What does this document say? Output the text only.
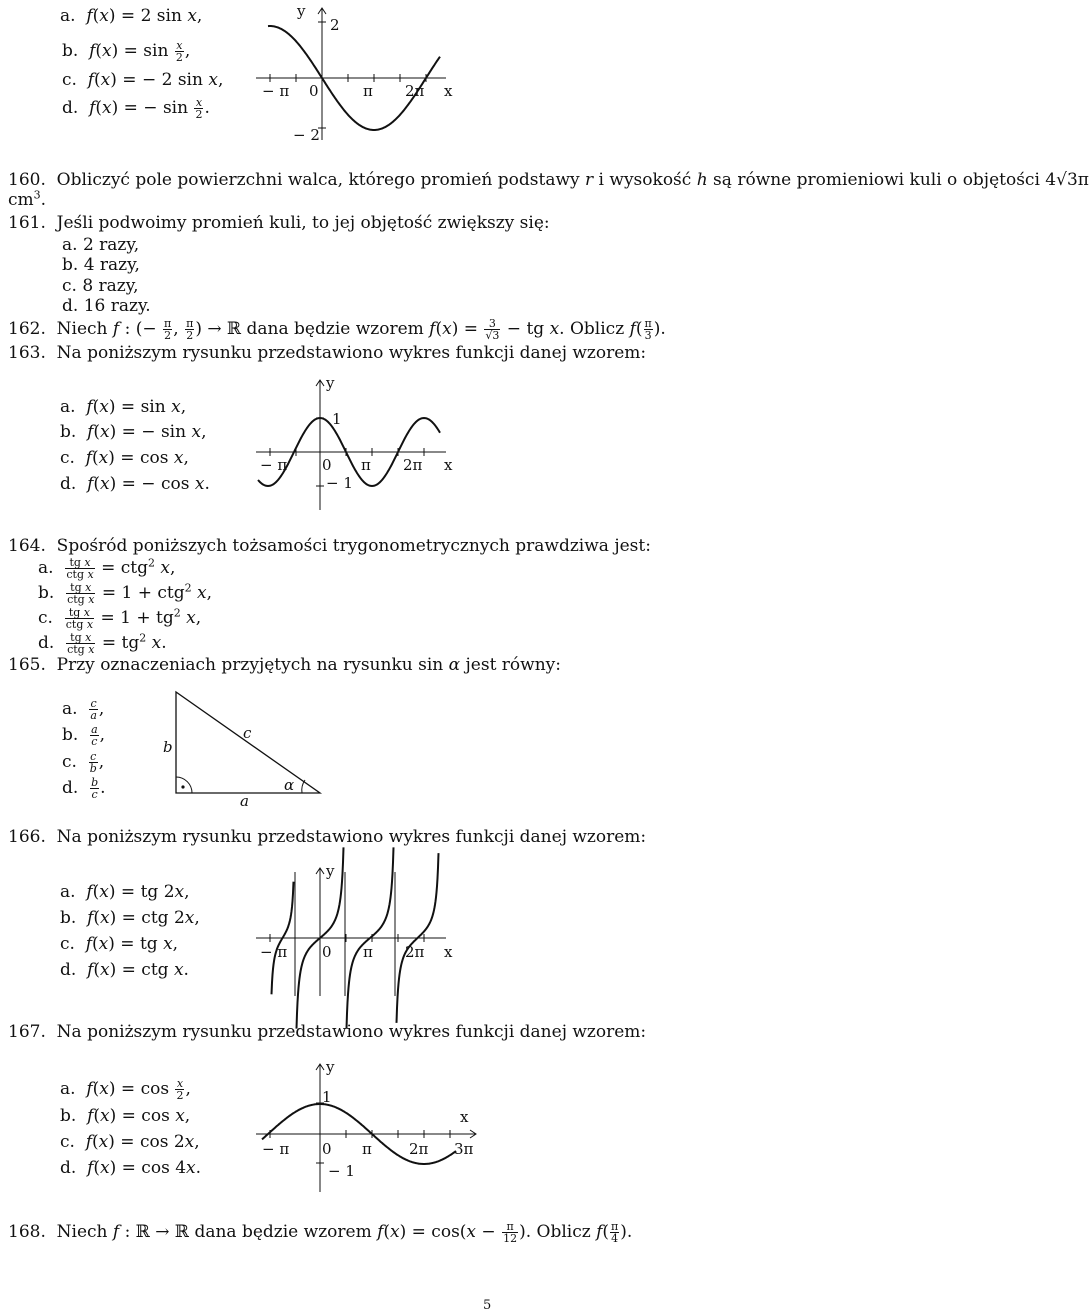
a.  f(x) = 2 sin x,
b.  $f(x) = \sin \frac{x}{2}$ ,
c.  f(x) = − 2 sin x,
d.  f(x) = − $\sin \frac{x}{2}$ .
y
2
− π 0	π 2π x
− 2
160.  Obliczyć pole powierzchni walca, którego promień podstawy r i wysokość h są równe promieniowi kuli o objętości 4√3π
$cm^3$.
161. Jeśli podwoimy promień kuli, to jej objętość zwiększy się:
a. 2 razy,
b. 4 razy,
c. 8 razy,
d. 16 razy.
162.  Niech f : (− $\frac{\pi}{2}$ , $\frac{\pi}{2}$ ) → ℝ dana będzie wzorem $f(x) = \frac{3}{√3}$ − tg x. Oblicz $f( \frac{\pi}{3}$ ).
163. Na poniższym rysunku przedstawiono wykres funkcji danej wzorem:
a.  f(x) = sin x,
b.  f(x) = − sin x,
c.  f(x) = cos x,
d.  f(x) = − cos x.
y
1
− π 0 π 2π x
− 1
164. Spośród poniższych tożsamości trygonometrycznych prawdziwa jest:
a. tg x
ctg x = ctg$^2$ x,
b. tg x
ctg x = 1 + ctg$^2$ x,
c. tg x
ctg $x = 1 + tg^2$ x,
d. tg x
ctg $x = tg^2$ x.
165.  Przy oznaczeniach przyjętych na rysunku sin α jest równy:
a. $\frac{c}{a}$ ,
b. $\frac{a}{c}$ ,
c. $\frac{c}{b}$ ,
d. $\frac{b}{c}$ .
b
c
a
α
166. Na poniższym rysunku przedstawiono wykres funkcji danej wzorem:
a.  f(x) = tg 2x,
b.  f(x) = ctg 2x,
c.  f(x) = tg x,
d.  f(x) = ctg x.
y
− π 0 π 2π x
167. Na poniższym rysunku przedstawiono wykres funkcji danej wzorem:
a.  $f(x) = \cos \frac{x}{2}$ ,
b.  f(x) = cos x,
c.  f(x) = cos 2x,
d.  f(x) = cos 4x.
y
1
x
− π 0 π 2π 3π
− 1
168.  Niech f : ℝ → ℝ dana będzie wzorem $f(x) = \cos(x - \frac{\pi}{12}$ ). Oblicz $f( \frac{\pi}{4}$ ).
5
